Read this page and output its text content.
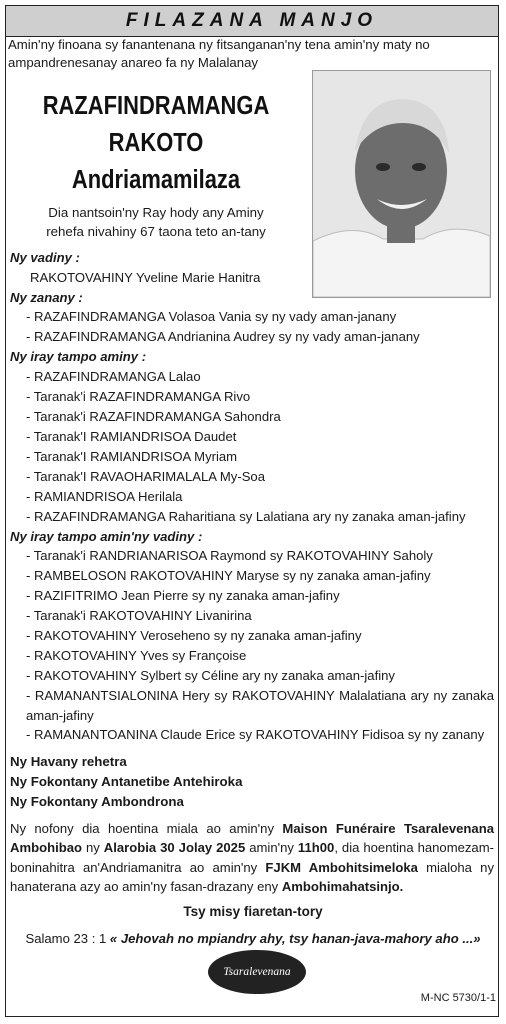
FILAZANA MANJO
Amin'ny finoana sy fanantenana ny fitsanganan'ny tena amin'ny maty no ampandrenesanay anareo fa ny Malalanay
RAZAFINDRAMANGA
RAKOTO
Andriamamilaza
Dia nantsoin'ny Ray hody any Aminy
rehefa nivahiny 67 taona teto an-tany
Ny vadiny :
RAKOTOVAHINY Yveline Marie Hanitra
Ny zanany :
- RAZAFINDRAMANGA Volasoa Vania sy ny vady aman-janany
- RAZAFINDRAMANGA Andrianina Audrey sy ny vady aman-janany
Ny iray tampo aminy :
- RAZAFINDRAMANGA Lalao
- Taranak'i RAZAFINDRAMANGA Rivo
- Taranak'i RAZAFINDRAMANGA Sahondra
- Taranak'I RAMIANDRISOA Daudet
- Taranak'I RAMIANDRISOA Myriam
- Taranak'I RAVAOHARIMALALA My-Soa
- RAMIANDRISOA Herilala
- RAZAFINDRAMANGA Raharitiana sy Lalatiana ary ny zanaka aman-jafiny
Ny iray tampo amin'ny vadiny :
- Taranak'i RANDRIANARISOA Raymond sy RAKOTOVAHINY Saholy
- RAMBELOSON RAKOTOVAHINY Maryse sy ny zanaka aman-jafiny
- RAZIFITRIMO Jean Pierre sy ny zanaka aman-jafiny
- Taranak'i RAKOTOVAHINY Livanirina
- RAKOTOVAHINY Veroseheno sy ny zanaka aman-jafiny
- RAKOTOVAHINY Yves sy Françoise
- RAKOTOVAHINY Sylbert sy Céline ary ny zanaka aman-jafiny
- RAMANANTSIALONINA Hery sy RAKOTOVAHINY Malalatiana ary ny zanaka aman-jafiny
- RAMANANTOANINA Claude Erice sy RAKOTOVAHINY Fidisoa sy ny zanany
Ny Havany rehetra
Ny Fokontany Antanetibe Antehiroka
Ny Fokontany Ambondrona
Ny nofony dia hoentina miala ao amin'ny Maison Funéraire Tsaralevenana Ambohibao ny Alarobia 30 Jolay 2025 amin'ny 11h00, dia hoentina hanomezam-boninahitra an'Andriamanitra ao amin'ny FJKM Ambohitsimeloka mialoha ny hanaterana azy ao amin'ny fasan-drazany eny Ambohimahatsinjo.
Tsy misy fiaretan-tory
Salamo 23 : 1 « Jehovah no mpiandry ahy, tsy hanan-java-mahory aho ...»
Tsaralevenana
M-NC 5730/1-1
